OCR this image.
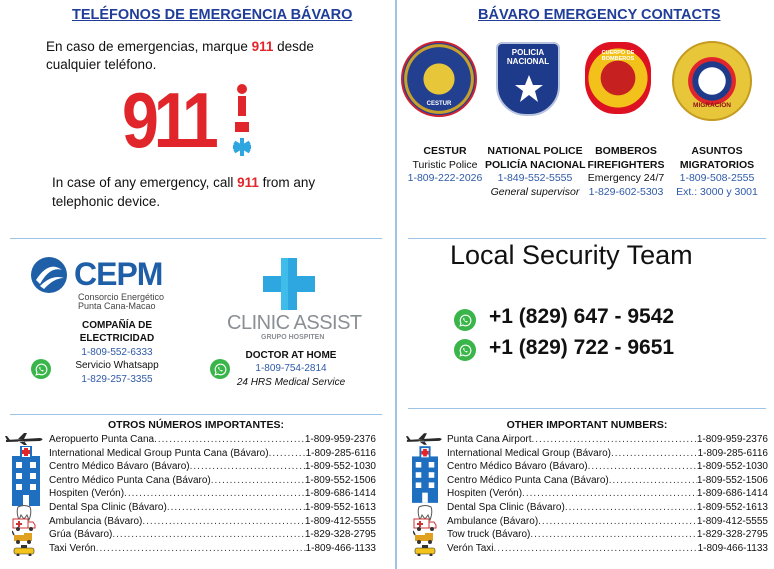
TELÉFONOS DE EMERGENCIA BÁVARO
En caso de emergencias, marque 911 desde cualquier teléfono.
911
In case of any emergency, call 911 from any telephonic device.
CEPM
Consorcio Energético
Punta Cana-Macao
COMPAÑÍA DE
ELECTRICIDAD
1-809-552-6333
Servicio Whatsapp
1-829-257-3355
CLINIC ASSIST
GRUPO HOSPITEN
DOCTOR AT HOME
1-809-754-2814
24 HRS Medical Service
OTROS NÚMEROS IMPORTANTES:
Aeropuerto Punta Cana .....	1-809-959-2376
International Medical Group Punta Cana (Bávaro) .....	1-809-285-6116
Centro Médico Bávaro (Bávaro) .....	1-809-552-1030
Centro Médico Punta Cana (Bávaro) .....	1-809-552-1506
Hospiten (Verón) .....	1-809-686-1414
Dental Spa Clinic (Bávaro) .....	1-809-552-1613
Ambulancia (Bávaro) .....	1-809-412-5555
Grúa (Bávaro) .....	1-829-328-2795
Taxi Verón .....	1-809-466-1133
BÁVARO EMERGENCY CONTACTS
CESTUR
POLICIA NACIONAL
CUERPO DE BOMBEROS
MIGRACION
CESTUR
Turistic Police
1-809-222-2026
NATIONAL POLICE
POLICÍA NACIONAL
1-849-552-5555
General supervisor
BOMBEROS
FIREFIGHTERS
Emergency 24/7
1-829-602-5303
ASUNTOS
MIGRATORIOS
1-809-508-2555
Ext.: 3000 y 3001
Local Security Team
+1 (829) 647 - 9542
+1 (829) 722 - 9651
OTHER IMPORTANT NUMBERS:
Punta Cana Airport .....	1-809-959-2376
International Medical Group (Bávaro) .....	1-809-285-6116
Centro Médico Bávaro (Bávaro) .....	1-809-552-1030
Centro Médico Punta Cana (Bávaro) .....	1-809-552-1506
Hospiten (Verón) .....	1-809-686-1414
Dental Spa Clinic (Bávaro) .....	1-809-552-1613
Ambulance (Bávaro) .....	1-809-412-5555
Tow truck (Bávaro) .....	1-829-328-2795
Verón Taxi .....	1-809-466-1133
